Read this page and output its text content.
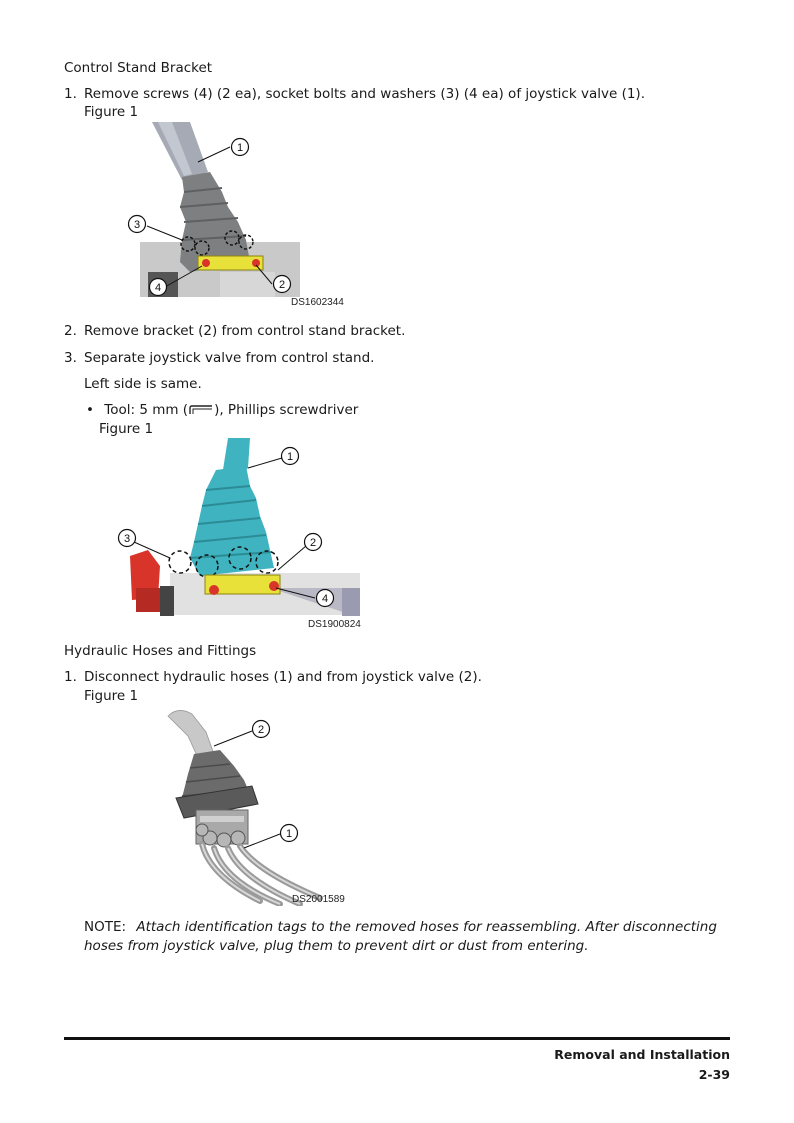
Control Stand Bracket
1. Remove screws (4) (2 ea), socket bolts and washers (3) (4 ea) of joystick valve (1).
Figure 1
1
3
4	2
DS1602344
2. Remove bracket (2) from control stand bracket.
3. Separate joystick valve from control stand.
Left side is same.
• Tool: 5 mm ( ), Phillips screwdriver
Figure 1
1
3	2
4
DS1900824
Hydraulic Hoses and Fittings
1. Disconnect hydraulic hoses (1) and from joystick valve (2).
Figure 1
2
1
DS2001589
NOTE: Attach identification tags to the removed hoses for reassembling. After disconnecting hoses from joystick valve, plug them to prevent dirt or dust from entering.
Removal and Installation
2-39
